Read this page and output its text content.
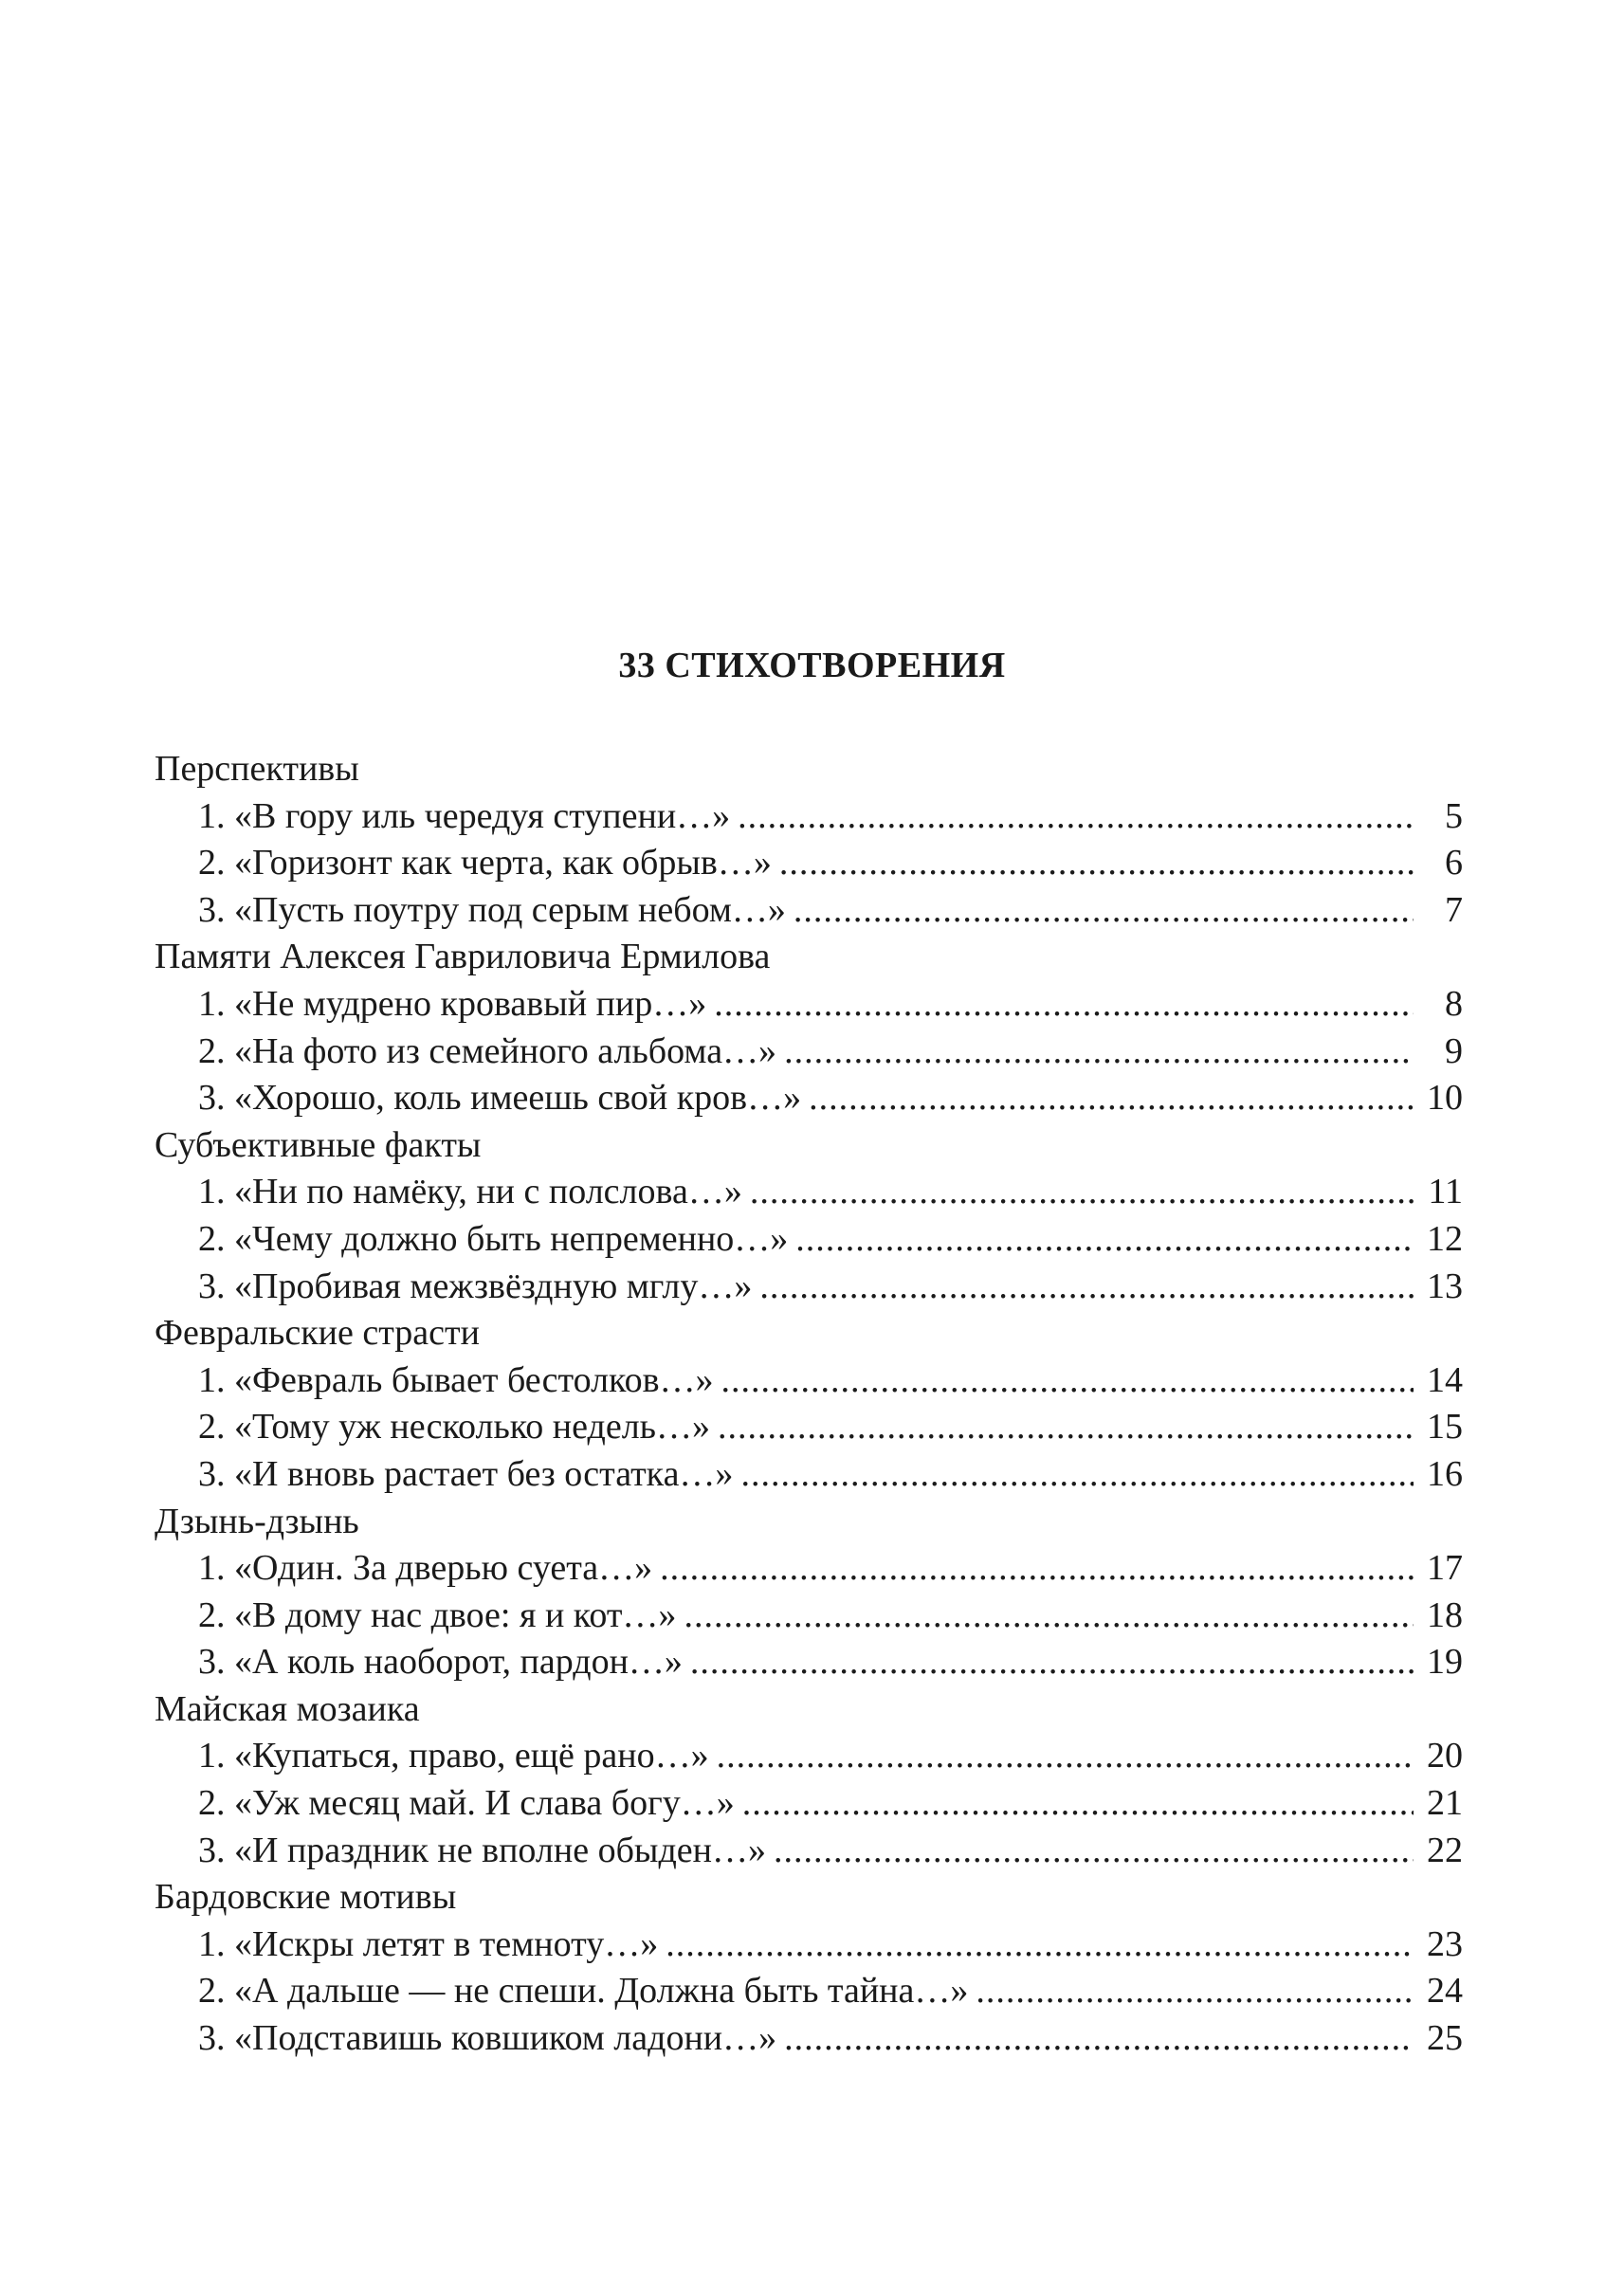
33 СТИХОТВОРЕНИЯ
Перспективы
1. «В гору иль чередуя ступени…» .....	5
2. «Горизонт как черта, как обрыв…» .....	6
3. «Пусть поутру под серым небом…» .....	7
Памяти Алексея Гавриловича Ермилова
1. «Не мудрено кровавый пир…» .....	8
2. «На фото из семейного альбома…» .....	9
3. «Хорошо, коль имеешь свой кров…» .....	10
Субъективные факты
1. «Ни по намёку, ни с полслова…» .....	11
2. «Чему должно быть непременно…» .....	12
3. «Пробивая межзвёздную мглу…» .....	13
Февральские страсти
1. «Февраль бывает бестолков…» .....	14
2. «Тому уж несколько недель…» .....	15
3. «И вновь растает без остатка…» .....	16
Дзынь-дзынь
1. «Один. За дверью суета…» .....	17
2. «В дому нас двое: я и кот…» .....	18
3. «А коль наоборот, пардон…» .....	19
Майская мозаика
1. «Купаться, право, ещё рано…» .....	20
2. «Уж месяц май. И слава богу…» .....	21
3. «И праздник не вполне обыден…» .....	22
Бардовские мотивы
1. «Искры летят в темноту…» .....	23
2. «А дальше — не спеши. Должна быть тайна…» .....	24
3. «Подставишь ковшиком ладони…» .....	25
